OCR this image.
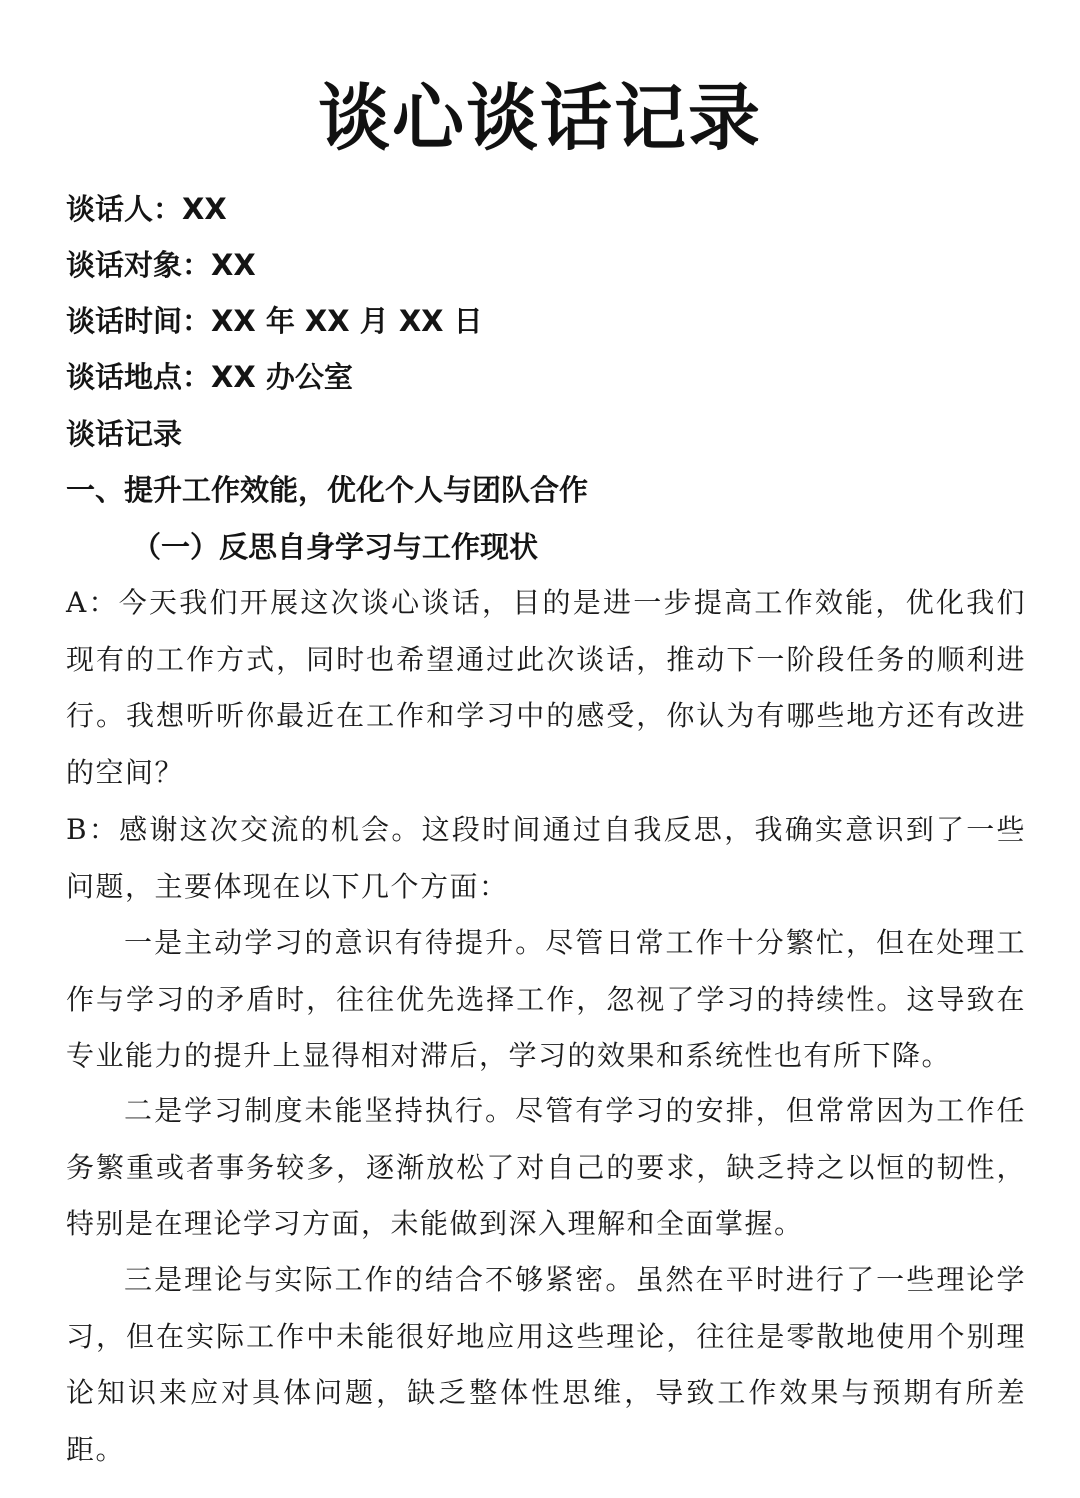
谈心谈话记录
谈话人：XX
谈话对象：XX
谈话时间：XX 年 XX 月 XX 日
谈话地点：XX 办公室
谈话记录
一、提升工作效能，优化个人与团队合作
（一）反思自身学习与工作现状
A：今天我们开展这次谈心谈话，目的是进一步提高工作效能，优化我们现有的工作方式，同时也希望通过此次谈话，推动下一阶段任务的顺利进行。我想听听你最近在工作和学习中的感受，你认为有哪些地方还有改进的空间？
B：感谢这次交流的机会。这段时间通过自我反思，我确实意识到了一些问题，主要体现在以下几个方面：
一是主动学习的意识有待提升。尽管日常工作十分繁忙，但在处理工作与学习的矛盾时，往往优先选择工作，忽视了学习的持续性。这导致在专业能力的提升上显得相对滞后，学习的效果和系统性也有所下降。
二是学习制度未能坚持执行。尽管有学习的安排，但常常因为工作任务繁重或者事务较多，逐渐放松了对自己的要求，缺乏持之以恒的韧性，特别是在理论学习方面，未能做到深入理解和全面掌握。
三是理论与实际工作的结合不够紧密。虽然在平时进行了一些理论学习，但在实际工作中未能很好地应用这些理论，往往是零散地使用个别理论知识来应对具体问题，缺乏整体性思维，导致工作效果与预期有所差距。
